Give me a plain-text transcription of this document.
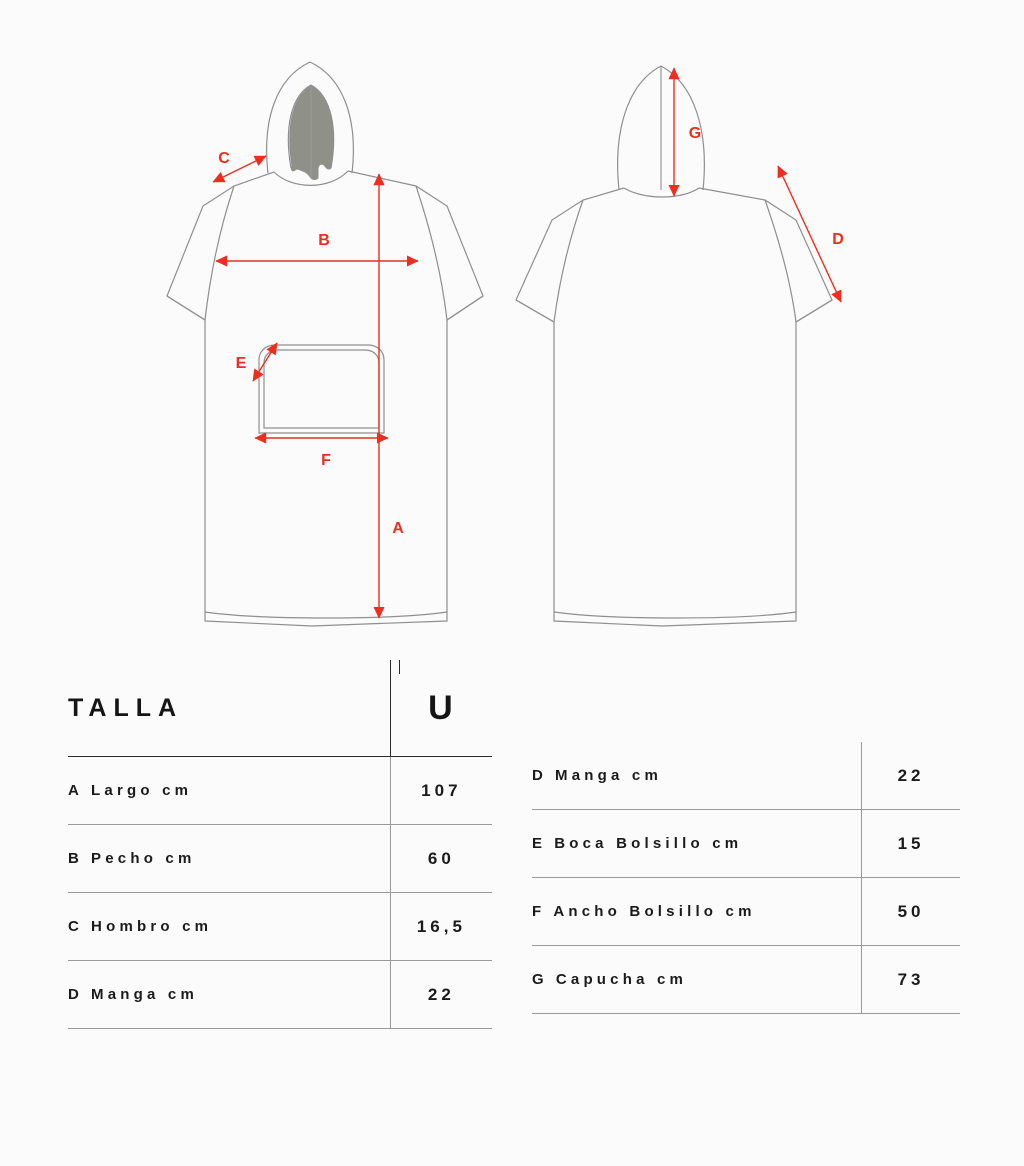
C
B
E
F
A
G
D
TALLA	U
A Largo cm	107
B Pecho cm	60
C Hombro cm	16,5
D Manga cm	22
D Manga cm	22
E Boca Bolsillo cm	15
F Ancho Bolsillo cm	50
G Capucha cm	73
